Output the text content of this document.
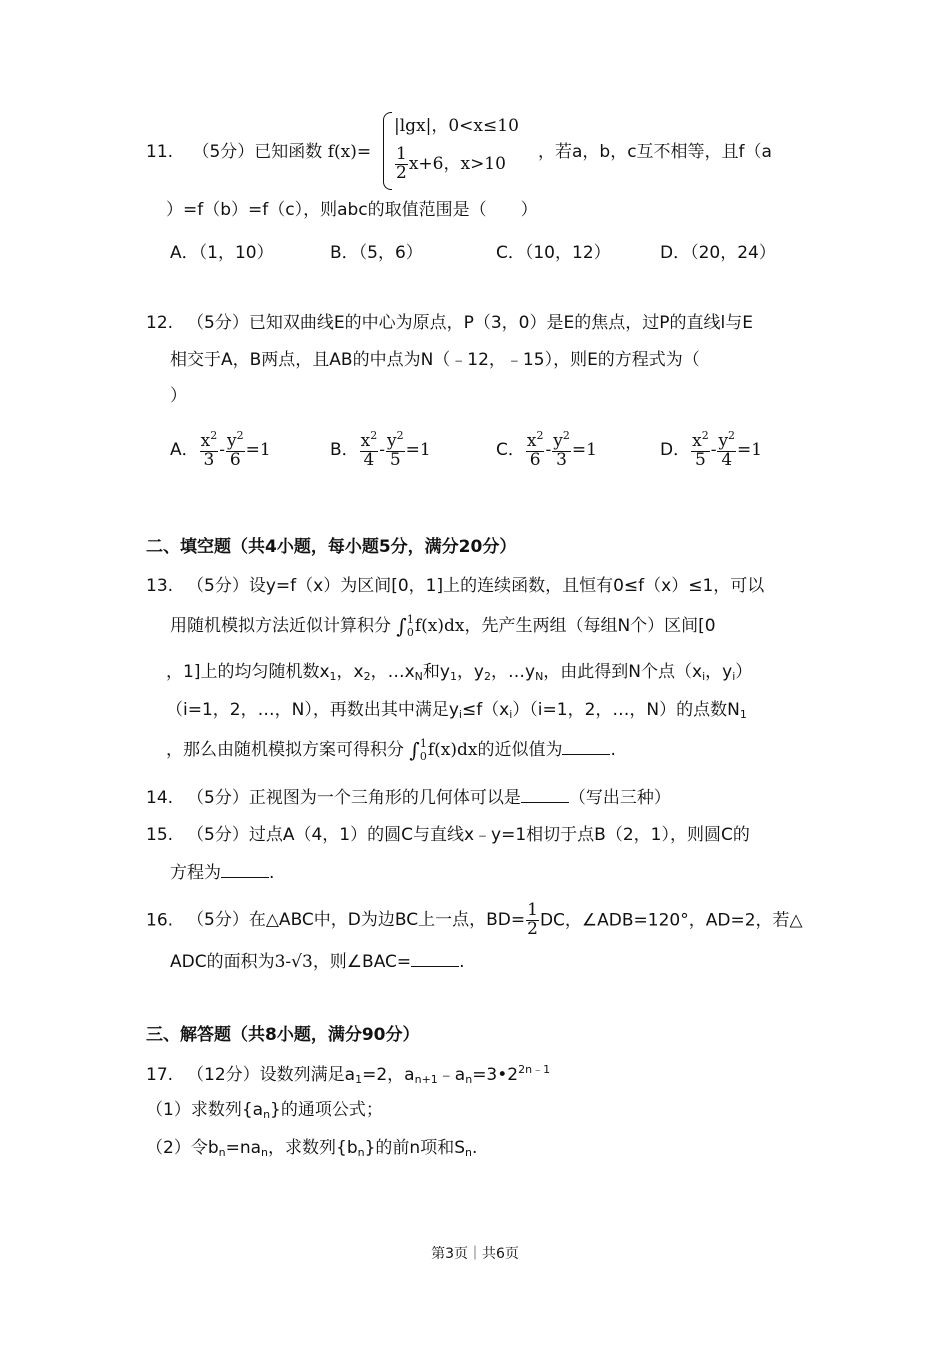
11. （5分）已知函数 f(x)=
|lgx|，0<x≤10
$\frac{1}{2} x+6$，x>10
，若a，b，c互不相等，且f（a
）=f（b）=f（c），则abc的取值范围是（　　）
A．（1，10）	B．（5，6）	C．（10，12）	D．（20，24）
12. （5分）已知双曲线E的中心为原点，P（3，0）是E的焦点，过P的直线l与E
相交于A，B两点，且AB的中点为N（﹣12，﹣15），则E的方程式为（
）
A． $\frac{x^2}{3} - \frac{y^2}{6} =1$	B． $\frac{x^2}{4} - \frac{y^2}{5} =1$	C． $\frac{x^2}{6} - \frac{y^2}{3} =1$	D． $\frac{x^2}{5} - \frac{y^2}{4} =1$
二、填空题（共4小题，每小题5分，满分20分）
13. （5分）设y=f（x）为区间[0，1]上的连续函数，且恒有0≤f（x）≤1，可以
用随机模拟方法近似计算积分 ∫1
0f(x)dx，先产生两组（每组N个）区间[0
，1]上的均匀随机数$x_1$，$x_2$，$\dots x_N$和$y_1$，$y_2$，$\dots y_N$，由此得到N个点（$x_i$，$y_i$）
（i=1，2，…，N），再数出其中满足$y_i\le f(x_i)(i=1$，2，…，N）的点数$N_1$
，那么由随机模拟方案可得积分 ∫1
0f(x)dx的近似值为	.
14. （5分）正视图为一个三角形的几何体可以是	（写出三种）
15. （5分）过点A（4，1）的圆C与直线x﹣y=1相切于点B（2，1），则圆C的
方程为	.
16. （5分）在△ABC中，D为边BC上一点，$BD= \frac{1}{2}$ DC，∠ADB=120°，AD=2，若△
ADC的面积为3-√3，则∠BAC=	.
三、解答题（共8小题，满分90分）
17. （12分）设数列满足$a_1=2$，$a_{n+1}﹣a_n=3•2^{2n﹣1}$
（1）求数列$\{a_n\}$的通项公式；
（2）令$b_n=na_n$，求数列$\{b_n\}$的前n项和$S_n$.
第3页｜共6页
